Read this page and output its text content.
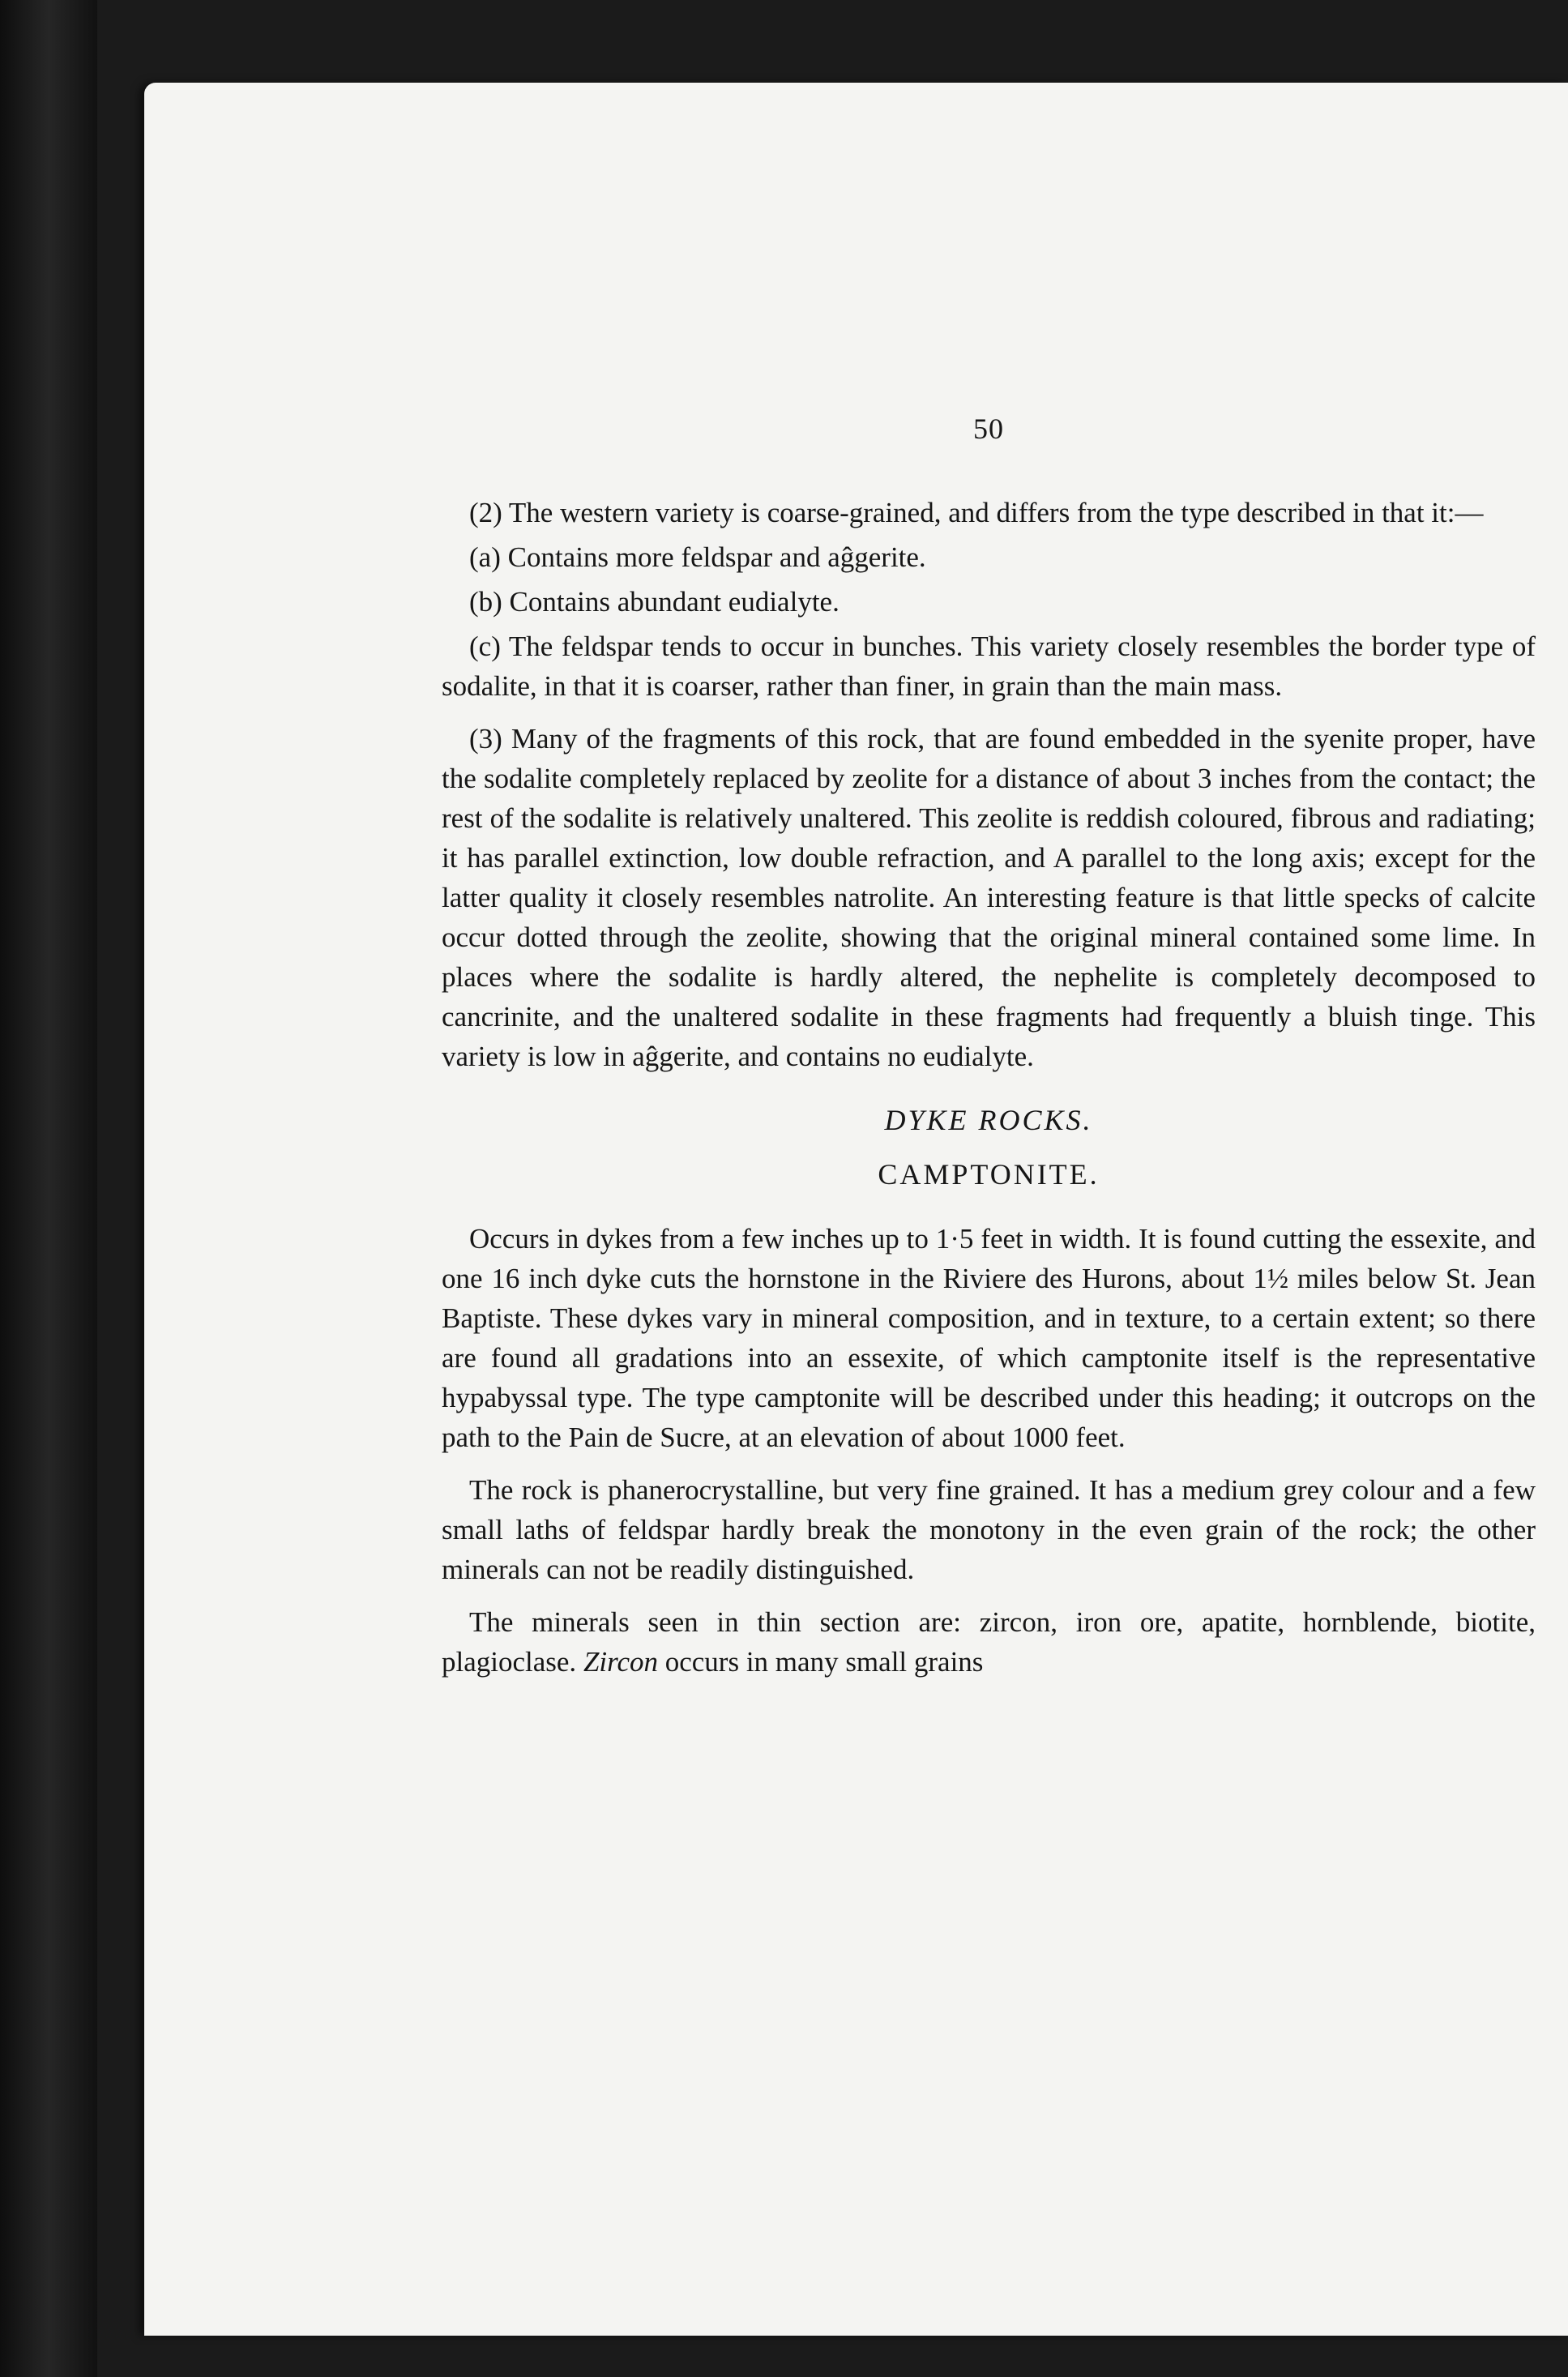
50

(2) The western variety is coarse-grained, and differs from the type described in that it:—

(a) Contains more feldspar and aĝgerite.

(b) Contains abundant eudialyte.

(c) The feldspar tends to occur in bunches. This variety closely resembles the border type of sodalite, in that it is coarser, rather than finer, in grain than the main mass.

(3) Many of the fragments of this rock, that are found embedded in the syenite proper, have the sodalite completely replaced by zeolite for a distance of about 3 inches from the contact; the rest of the sodalite is relatively unaltered. This zeolite is reddish coloured, fibrous and radiating; it has parallel extinction, low double refraction, and A parallel to the long axis; except for the latter quality it closely resembles natrolite. An interesting feature is that little specks of calcite occur dotted through the zeolite, showing that the original mineral contained some lime. In places where the sodalite is hardly altered, the nephelite is completely decomposed to cancrinite, and the unaltered sodalite in these fragments had frequently a bluish tinge. This variety is low in aĝgerite, and contains no eudialyte.

DYKE ROCKS.
CAMPTONITE.

Occurs in dykes from a few inches up to 1·5 feet in width. It is found cutting the essexite, and one 16 inch dyke cuts the hornstone in the Riviere des Hurons, about 1½ miles below St. Jean Baptiste. These dykes vary in mineral composition, and in texture, to a certain extent; so there are found all gradations into an essexite, of which camptonite itself is the representative hypabyssal type. The type camptonite will be described under this heading; it outcrops on the path to the Pain de Sucre, at an elevation of about 1000 feet.

The rock is phanerocrystalline, but very fine grained. It has a medium grey colour and a few small laths of feldspar hardly break the monotony in the even grain of the rock; the other minerals can not be readily distinguished.

The minerals seen in thin section are: zircon, iron ore, apatite, hornblende, biotite, plagioclase. Zircon occurs in many small grains
